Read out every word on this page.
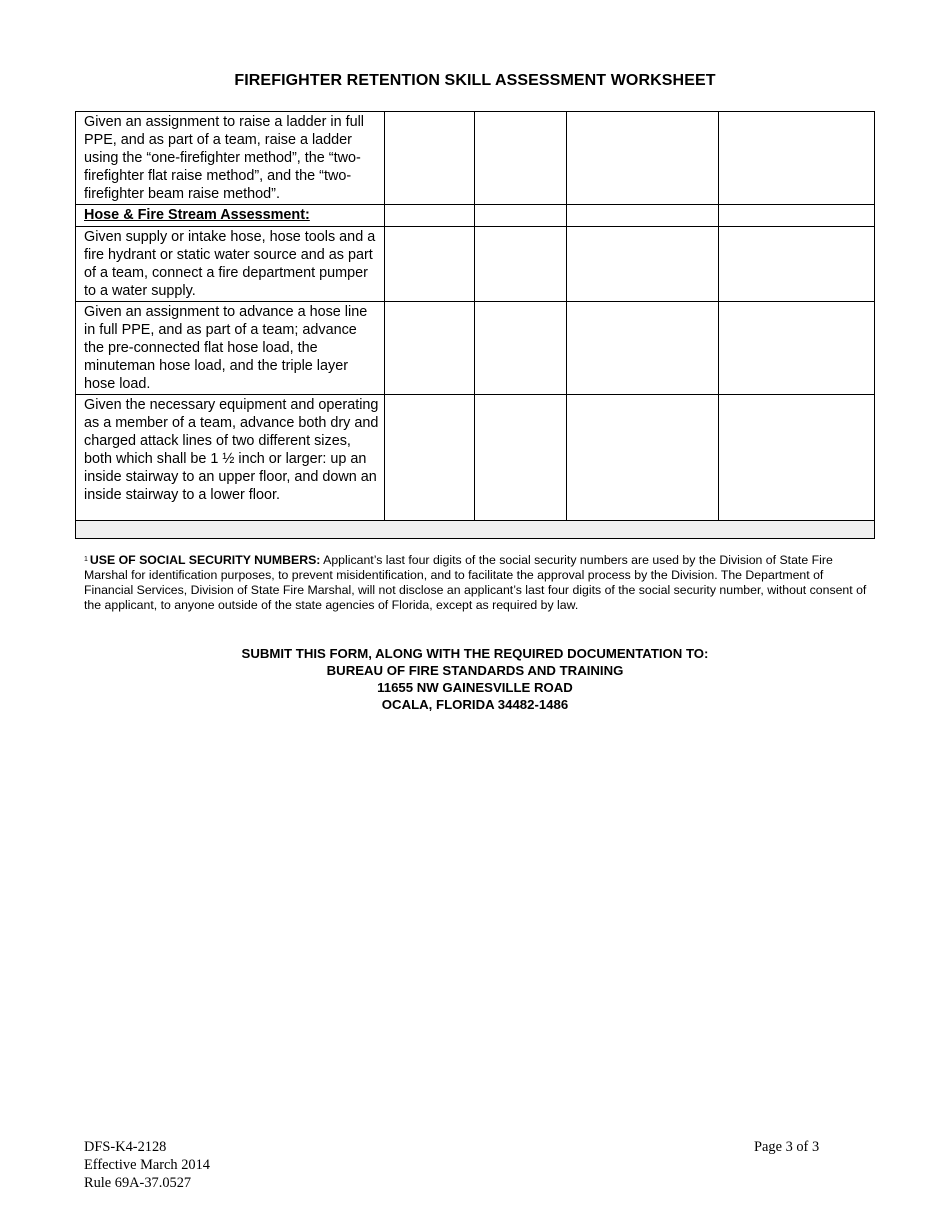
FIREFIGHTER RETENTION SKILL ASSESSMENT WORKSHEET
Given an assignment to raise a ladder in full PPE, and as part of a team, raise a ladder using the “one-firefighter method”, the “two-firefighter flat raise method”, and the “two-firefighter beam raise method”.				
Hose & Fire Stream Assessment:				
Given supply or intake hose, hose tools and a fire hydrant or static water source and as part of a team, connect a fire department pumper to a water supply.				
Given an assignment to advance a hose line in full PPE, and as part of a team; advance the pre-connected flat hose load, the minuteman hose load, and the triple layer hose load.				
Given the necessary equipment and operating as a member of a team, advance both dry and charged attack lines of two different sizes, both which shall be 1 ½ inch or larger: up an inside stairway to an upper floor, and down an inside stairway to a lower floor.				

$^1$ USE OF SOCIAL SECURITY NUMBERS: Applicant’s last four digits of the social security numbers are used by the Division of State Fire Marshal for identification purposes, to prevent misidentification, and to facilitate the approval process by the Division. The Department of Financial Services, Division of State Fire Marshal, will not disclose an applicant’s last four digits of the social security number, without consent of the applicant, to anyone outside of the state agencies of Florida, except as required by law.
SUBMIT THIS FORM, ALONG WITH THE REQUIRED DOCUMENTATION TO:
BUREAU OF FIRE STANDARDS AND TRAINING
11655 NW GAINESVILLE ROAD
OCALA, FLORIDA 34482-1486
DFS-K4-2128
Effective March 2014
Rule 69A-37.0527
Page 3 of 3
